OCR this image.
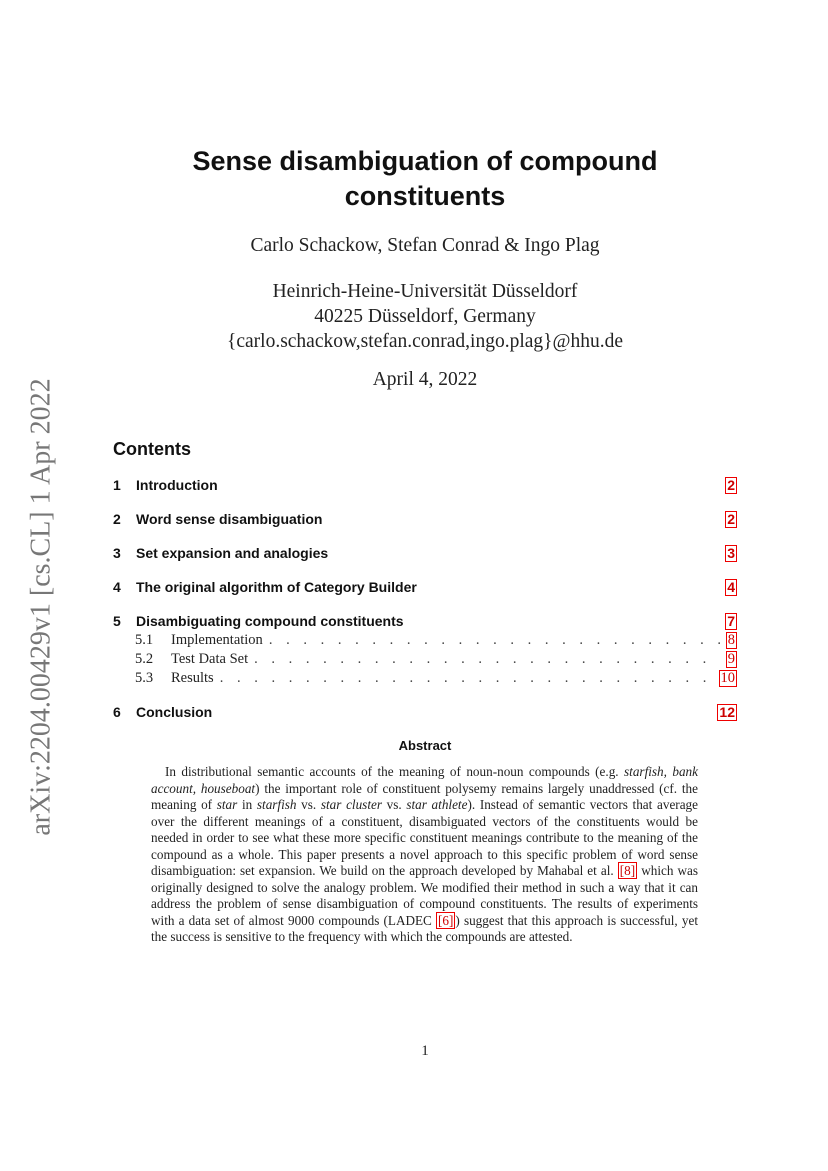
arXiv:2204.00429v1 [cs.CL] 1 Apr 2022
Sense disambiguation of compound
constituents
Carlo Schackow, Stefan Conrad & Ingo Plag
Heinrich-Heine-Universität Düsseldorf
40225 Düsseldorf, Germany
{carlo.schackow,stefan.conrad,ingo.plag}@hhu.de
April 4, 2022
Contents
1	Introduction	2
2	Word sense disambiguation	2
3	Set expansion and analogies	3
4	The original algorithm of Category Builder	4
5	Disambiguating compound constituents	7
5.1	Implementation . . .	8
5.2	Test Data Set . . .	9
5.3	Results . . .	10
6	Conclusion	12
Abstract

In distributional semantic accounts of the meaning of noun-noun compounds (e.g. starfish, bank account, houseboat) the important role of constituent polysemy remains largely unaddressed (cf. the meaning of star in starfish vs. star cluster vs. star athlete). Instead of semantic vectors that average over the different meanings of a constituent, disambiguated vectors of the constituents would be needed in order to see what these more specific constituent meanings contribute to the meaning of the compound as a whole. This paper presents a novel approach to this specific problem of word sense disambiguation: set expansion. We build on the approach developed by Mahabal et al. [8] which was originally designed to solve the analogy problem. We modified their method in such a way that it can address the problem of sense disambiguation of compound constituents. The results of experiments with a data set of almost 9000 compounds (LADEC [6] ) suggest that this approach is successful, yet the success is sensitive to the frequency with which the compounds are attested.

1
